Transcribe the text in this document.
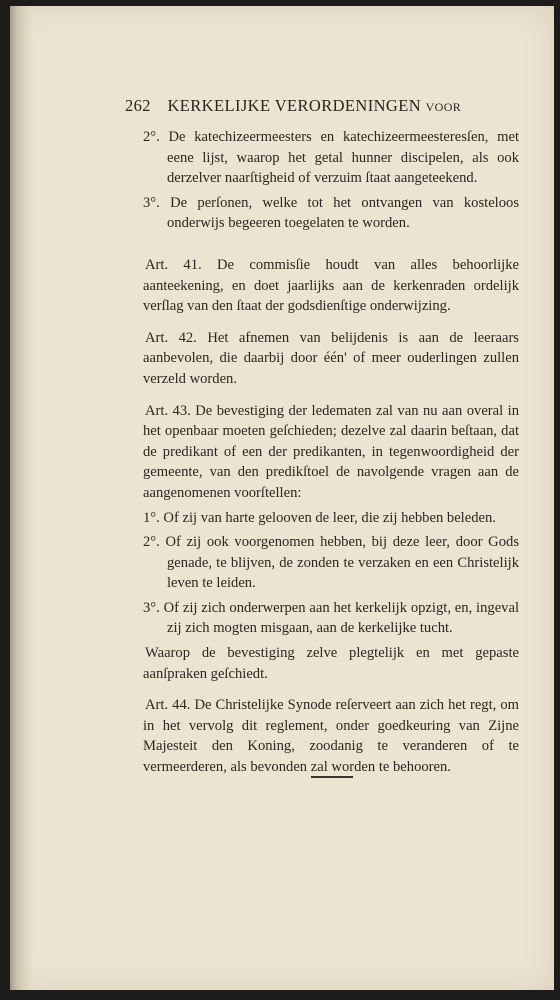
262 KERKELIJKE VERORDENINGEN voor

2°. De katechizeermeesters en katechizeermeesteresſen, met eene lijst, waarop het getal hunner discipelen, als ook derzelver naarſtigheid of verzuim ſtaat aangeteekend.

3°. De perſonen, welke tot het ontvangen van kosteloos onderwijs begeeren toegelaten te worden.

Art. 41. De commisſie houdt van alles behoorlijke aanteekening, en doet jaarlijks aan de kerkenraden ordelijk verſlag van den ſtaat der godsdienſtige onderwijzing.

Art. 42. Het afnemen van belijdenis is aan de leeraars aanbevolen, die daarbij door één' of meer ouderlingen zullen verzeld worden.

Art. 43. De bevestiging der ledematen zal van nu aan overal in het openbaar moeten geſchieden; dezelve zal daarin beſtaan, dat de predikant of een der predikanten, in tegenwoordigheid der gemeente, van den predikſtoel de navolgende vragen aan de aangenomenen voorſtellen:

1°. Of zij van harte gelooven de leer, die zij hebben beleden.

2°. Of zij ook voorgenomen hebben, bij deze leer, door Gods genade, te blijven, de zonden te verzaken en een Christelijk leven te leiden.

3°. Of zij zich onderwerpen aan het kerkelijk opzigt, en, ingeval zij zich mogten misgaan, aan de kerkelijke tucht.

Waarop de bevestiging zelve plegtelijk en met gepaste aanſpraken geſchiedt.

Art. 44. De Christelijke Synode reſerveert aan zich het regt, om in het vervolg dit reglement, onder goedkeuring van Zijne Majesteit den Koning, zoodanig te veranderen of te vermeerderen, als bevonden zal worden te behooren.
